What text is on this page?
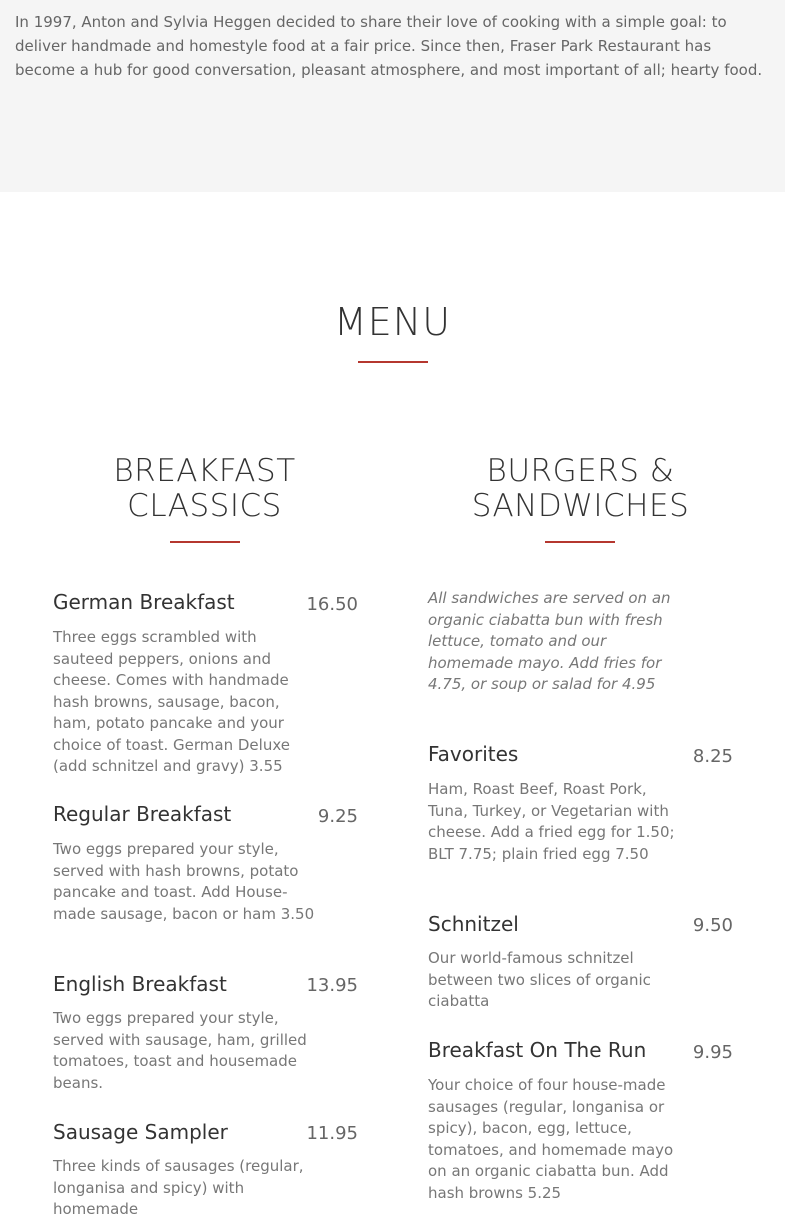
In 1997, Anton and Sylvia Heggen decided to share their love of cooking with a simple goal: to deliver handmade and homestyle food at a fair price. Since then, Fraser Park Restaurant has become a hub for good conversation, pleasant atmosphere, and most important of all; hearty food.

MENU
BREAKFAST
CLASSICS
German Breakfast	16.50
Three eggs scrambled with sauteed peppers, onions and cheese. Comes with handmade hash browns, sausage, bacon, ham, potato pancake and your choice of toast. German Deluxe (add schnitzel and gravy) 3.55
Regular Breakfast	9.25
Two eggs prepared your style, served with hash browns, potato pancake and toast. Add House-made sausage, bacon or ham 3.50
English Breakfast	13.95
Two eggs prepared your style, served with sausage, ham, grilled tomatoes, toast and housemade beans.
Sausage Sampler	11.95
Three kinds of sausages (regular, longanisa and spicy) with homemade
BURGERS &
SANDWICHES

All sandwiches are served on an organic ciabatta bun with fresh lettuce, tomato and our homemade mayo. Add fries for 4.75, or soup or salad for 4.95

Favorites	8.25
Ham, Roast Beef, Roast Pork, Tuna, Turkey, or Vegetarian with cheese. Add a fried egg for 1.50; BLT 7.75; plain fried egg 7.50
Schnitzel	9.50
Our world-famous schnitzel between two slices of organic ciabatta
Breakfast On The Run	9.95
Your choice of four house-made sausages (regular, longanisa or spicy), bacon, egg, lettuce, tomatoes, and homemade mayo on an organic ciabatta bun. Add hash browns 5.25
